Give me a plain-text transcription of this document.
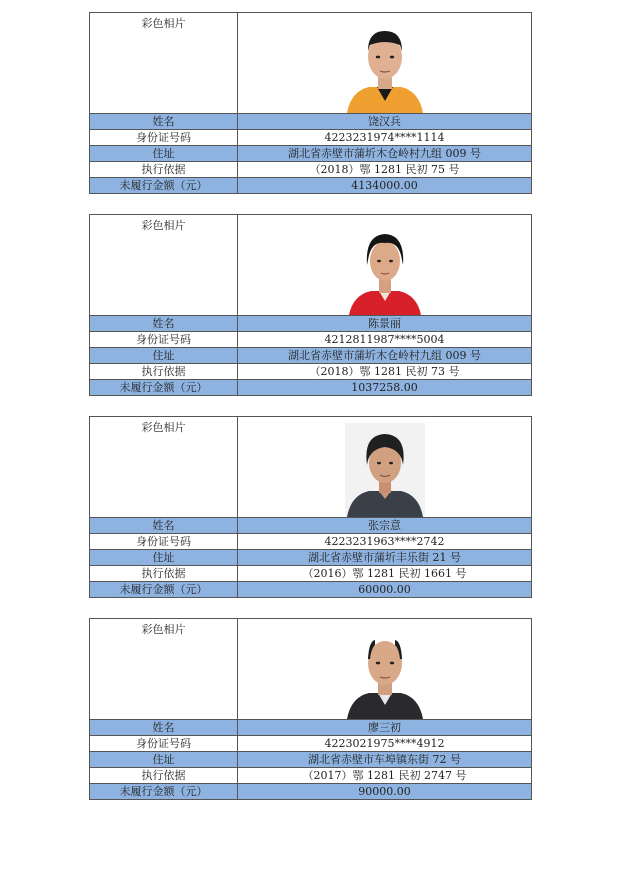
彩色相片	

姓名	饶汉兵
身份证号码	4223231974****1114
住址	湖北省赤壁市蒲圻木仓岭村九组 009 号
执行依据	（2018）鄂 1281 民初 75 号
未履行金额（元）	4134000.00
彩色相片	

姓名	陈景丽
身份证号码	4212811987****5004
住址	湖北省赤壁市蒲圻木仓岭村九组 009 号
执行依据	（2018）鄂 1281 民初 73 号
未履行金额（元）	1037258.00
彩色相片	

姓名	张宗意
身份证号码	4223231963****2742
住址	湖北省赤壁市蒲圻丰乐街 21 号
执行依据	（2016）鄂 1281 民初 1661 号
未履行金额（元）	60000.00
彩色相片	

姓名	廖三初
身份证号码	4223021975****4912
住址	湖北省赤壁市车埠镇东街 72 号
执行依据	（2017）鄂 1281 民初 2747 号
未履行金额（元）	90000.00
